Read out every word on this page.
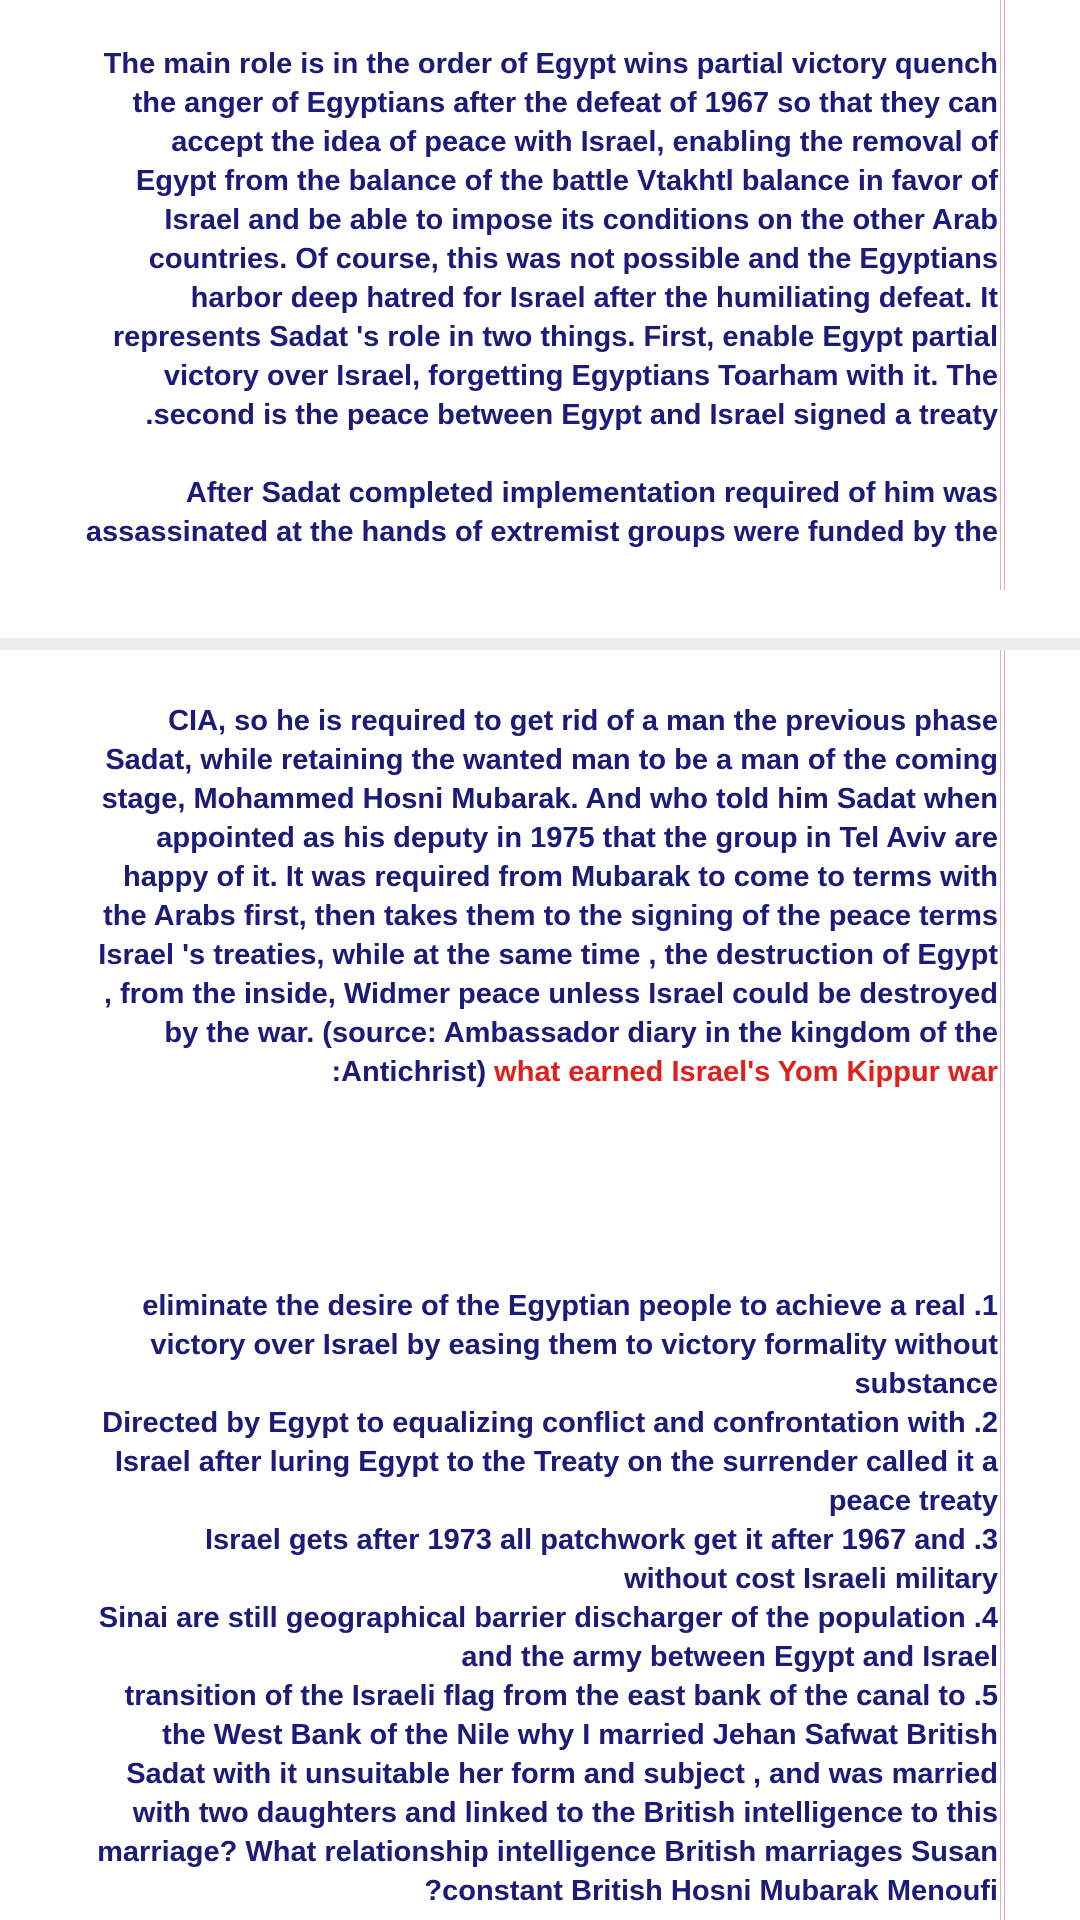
The main role is in the order of Egypt wins partial victory quench
the anger of Egyptians after the defeat of 1967 so that they can
accept the idea of peace with Israel, enabling the removal of
Egypt from the balance of the battle Vtakhtl balance in favor of
Israel and be able to impose its conditions on the other Arab
countries. Of course, this was not possible and the Egyptians
harbor deep hatred for Israel after the humiliating defeat. It
represents Sadat 's role in two things. First, enable Egypt partial
victory over Israel, forgetting Egyptians Toarham with it. The
.second is the peace between Egypt and Israel signed a treaty
After Sadat completed implementation required of him was
assassinated at the hands of extremist groups were funded by the
CIA, so he is required to get rid of a man the previous phase
Sadat, while retaining the wanted man to be a man of the coming
stage, Mohammed Hosni Mubarak. And who told him Sadat when
appointed as his deputy in 1975 that the group in Tel Aviv are
happy of it. It was required from Mubarak to come to terms with
the Arabs first, then takes them to the signing of the peace terms
Israel 's treaties, while at the same time , the destruction of Egypt
, from the inside, Widmer peace unless Israel could be destroyed
by the war. (source: Ambassador diary in the kingdom of the
:Antichrist) what earned Israel's Yom Kippur war
eliminate the desire of the Egyptian people to achieve a real .1
victory over Israel by easing them to victory formality without
substance
Directed by Egypt to equalizing conflict and confrontation with .2
Israel after luring Egypt to the Treaty on the surrender called it a
peace treaty
Israel gets after 1973 all patchwork get it after 1967 and .3
without cost Israeli military
Sinai are still geographical barrier discharger of the population .4
and the army between Egypt and Israel
transition of the Israeli flag from the east bank of the canal to .5
the West Bank of the Nile why I married Jehan Safwat British
Sadat with it unsuitable her form and subject , and was married
with two daughters and linked to the British intelligence to this
marriage? What relationship intelligence British marriages Susan
?constant British Hosni Mubarak Menoufi
